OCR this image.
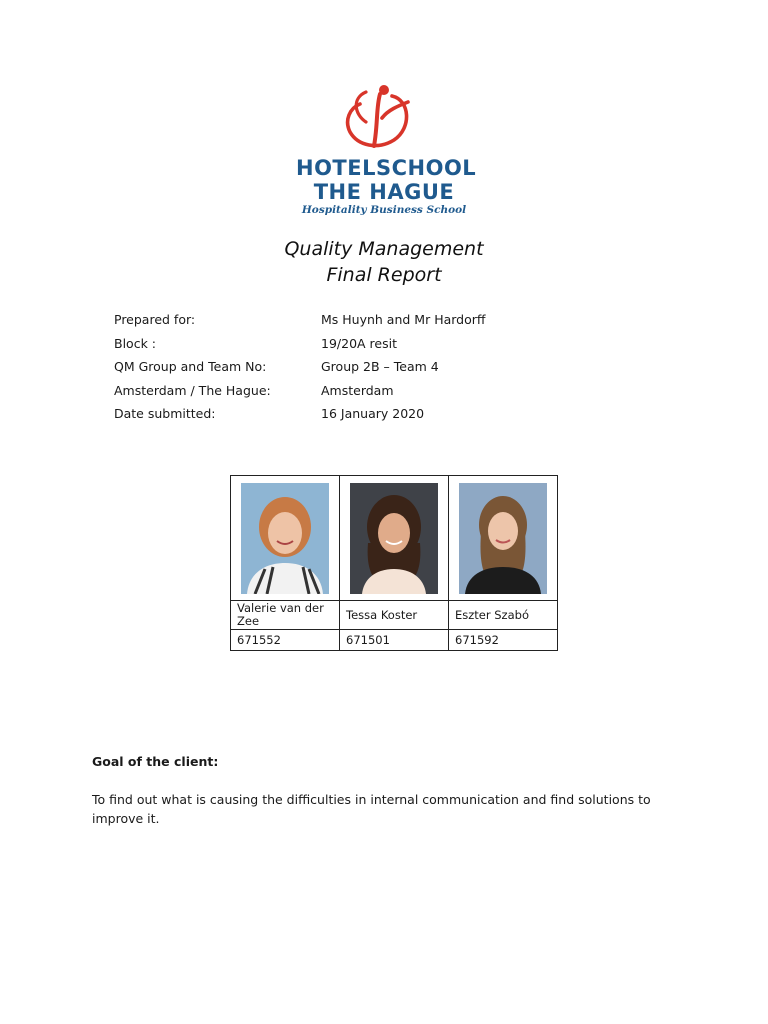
HOTELSCHOOL
THE HAGUE
Hospitality Business School
Quality Management
Final Report
Prepared for:	Ms Huynh and Mr Hardorff
Block :	19/20A resit
QM Group and Team No:	Group 2B – Team 4
Amsterdam / The Hague:	Amsterdam
Date submitted:	16 January 2020

Valerie van der Zee	Tessa Koster	Eszter Szabó
671552	671501	671592
Goal of the client:
To find out what is causing the difficulties in internal communication and find solutions to improve it.
